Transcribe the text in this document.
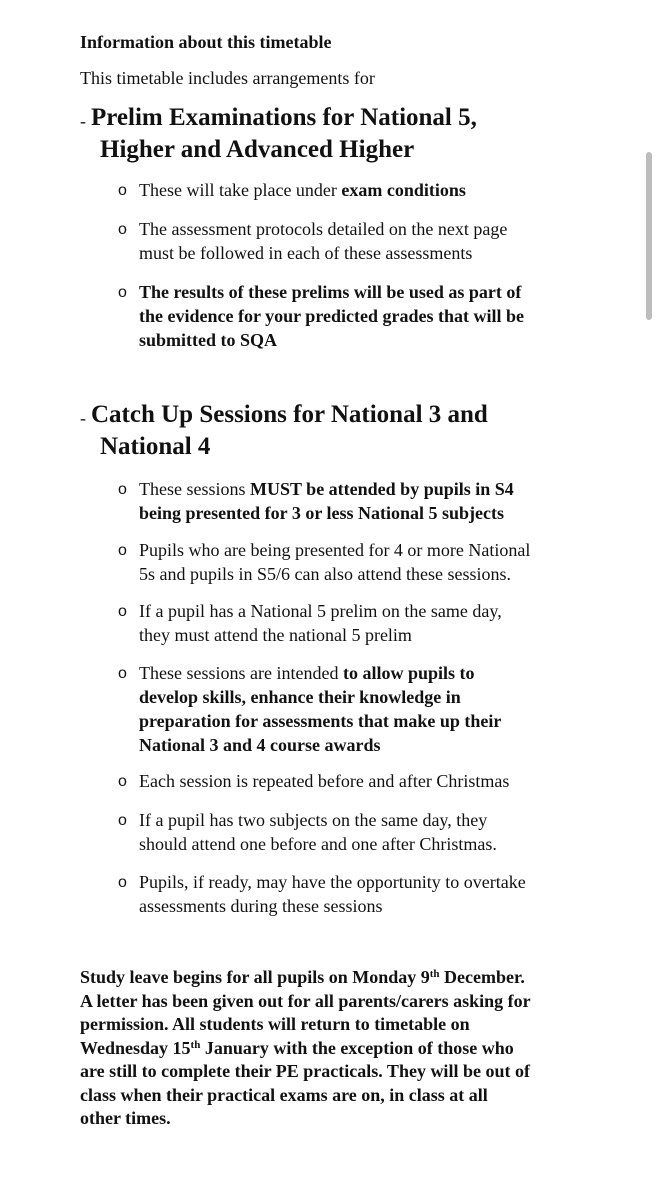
Information about this timetable
This timetable includes arrangements for
- Prelim Examinations for National 5,
Higher and Advanced Higher
o These will take place under exam conditions
o The assessment protocols detailed on the next page
must be followed in each of these assessments
o The results of these prelims will be used as part of
the evidence for your predicted grades that will be
submitted to SQA
- Catch Up Sessions for National 3 and
National 4
o These sessions MUST be attended by pupils in S4
being presented for 3 or less National 5 subjects
o Pupils who are being presented for 4 or more National
5s and pupils in S5/6 can also attend these sessions.
o If a pupil has a National 5 prelim on the same day,
they must attend the national 5 prelim
o These sessions are intended to allow pupils to
develop skills, enhance their knowledge in
preparation for assessments that make up their
National 3 and 4 course awards
o Each session is repeated before and after Christmas
o If a pupil has two subjects on the same day, they
should attend one before and one after Christmas.
o Pupils, if ready, may have the opportunity to overtake
assessments during these sessions
Study leave begins for all pupils on Monday 9th December.
A letter has been given out for all parents/carers asking for
permission. All students will return to timetable on
Wednesday 15th January with the exception of those who
are still to complete their PE practicals. They will be out of
class when their practical exams are on, in class at all
other times.
